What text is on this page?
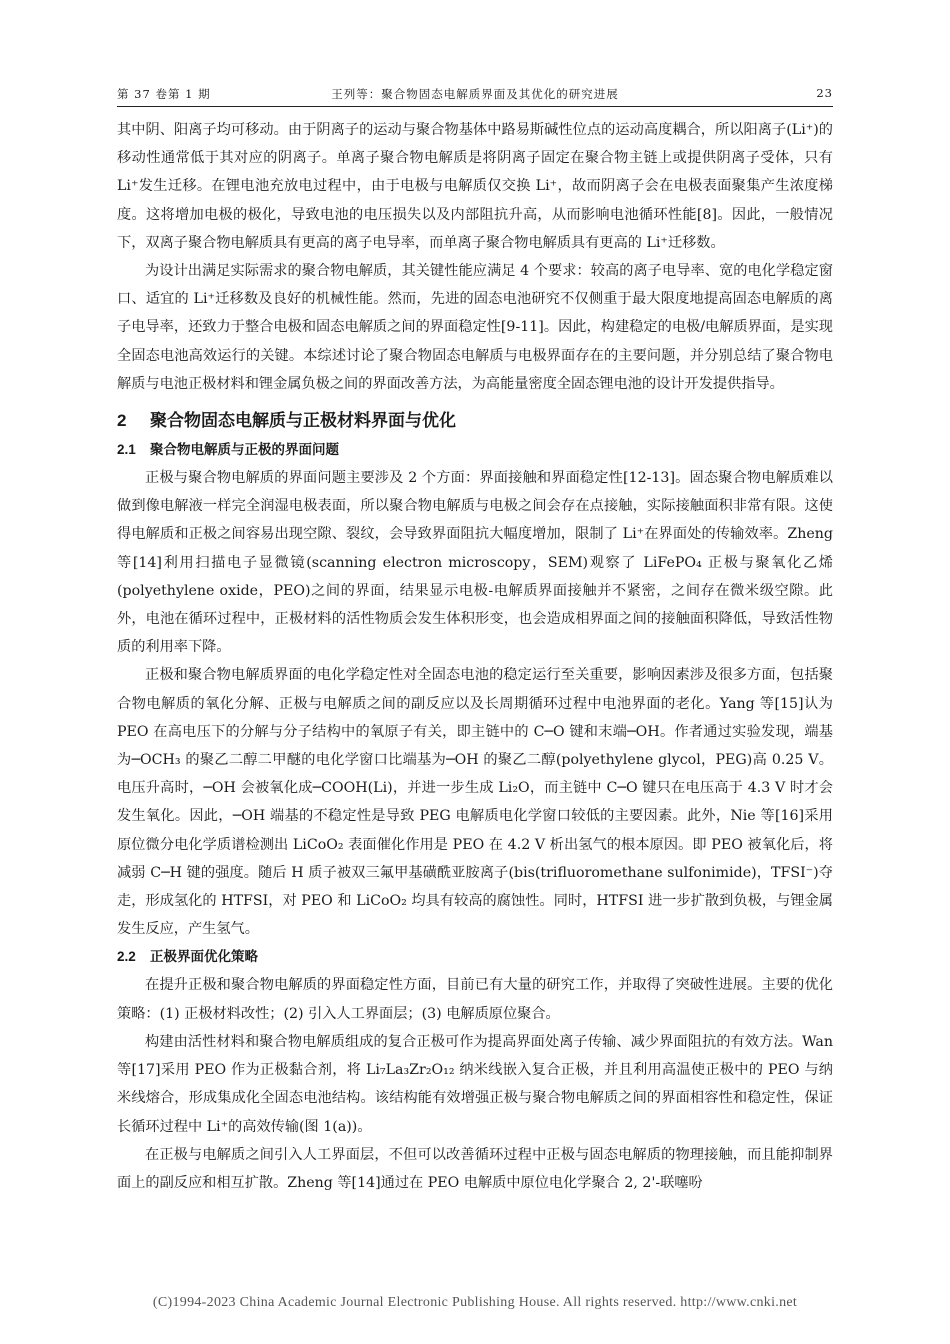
第 37 卷第 1 期	王列等：聚合物固态电解质界面及其优化的研究进展	23

其中阴、阳离子均可移动。由于阴离子的运动与聚合物基体中路易斯碱性位点的运动高度耦合，所以阳离子(Li⁺)的移动性通常低于其对应的阴离子。单离子聚合物电解质是将阴离子固定在聚合物主链上或提供阴离子受体，只有 Li⁺发生迁移。在锂电池充放电过程中，由于电极与电解质仅交换 Li⁺，故而阴离子会在电极表面聚集产生浓度梯度。这将增加电极的极化，导致电池的电压损失以及内部阻抗升高，从而影响电池循环性能[8]。因此，一般情况下，双离子聚合物电解质具有更高的离子电导率，而单离子聚合物电解质具有更高的 Li⁺迁移数。

为设计出满足实际需求的聚合物电解质，其关键性能应满足 4 个要求：较高的离子电导率、宽的电化学稳定窗口、适宜的 Li⁺迁移数及良好的机械性能。然而，先进的固态电池研究不仅侧重于最大限度地提高固态电解质的离子电导率，还致力于整合电极和固态电解质之间的界面稳定性[9-11]。因此，构建稳定的电极/电解质界面，是实现全固态电池高效运行的关键。本综述讨论了聚合物固态电解质与电极界面存在的主要问题，并分别总结了聚合物电解质与电池正极材料和锂金属负极之间的界面改善方法，为高能量密度全固态锂电池的设计开发提供指导。

2 聚合物固态电解质与正极材料界面与优化
2.1 聚合物电解质与正极的界面问题

正极与聚合物电解质的界面问题主要涉及 2 个方面：界面接触和界面稳定性[12-13]。固态聚合物电解质难以做到像电解液一样完全润湿电极表面，所以聚合物电解质与电极之间会存在点接触，实际接触面积非常有限。这使得电解质和正极之间容易出现空隙、裂纹，会导致界面阻抗大幅度增加，限制了 Li⁺在界面处的传输效率。Zheng 等[14]利用扫描电子显微镜(scanning electron microscopy，SEM)观察了 LiFePO₄ 正极与聚氧化乙烯(polyethylene oxide，PEO)之间的界面，结果显示电极-电解质界面接触并不紧密，之间存在微米级空隙。此外，电池在循环过程中，正极材料的活性物质会发生体积形变，也会造成相界面之间的接触面积降低，导致活性物质的利用率下降。

正极和聚合物电解质界面的电化学稳定性对全固态电池的稳定运行至关重要，影响因素涉及很多方面，包括聚合物电解质的氧化分解、正极与电解质之间的副反应以及长周期循环过程中电池界面的老化。Yang 等[15]认为 PEO 在高电压下的分解与分子结构中的氧原子有关，即主链中的 C─O 键和末端─OH。作者通过实验发现，端基为─OCH₃ 的聚乙二醇二甲醚的电化学窗口比端基为─OH 的聚乙二醇(polyethylene glycol，PEG)高 0.25 V。电压升高时，─OH 会被氧化成─COOH(Li)，并进一步生成 Li₂O，而主链中 C─O 键只在电压高于 4.3 V 时才会发生氧化。因此，─OH 端基的不稳定性是导致 PEG 电解质电化学窗口较低的主要因素。此外，Nie 等[16]采用原位微分电化学质谱检测出 LiCoO₂ 表面催化作用是 PEO 在 4.2 V 析出氢气的根本原因。即 PEO 被氧化后，将减弱 C─H 键的强度。随后 H 质子被双三氟甲基磺酰亚胺离子(bis(trifluoromethane sulfonimide)，TFSI⁻)夺走，形成氢化的 HTFSI，对 PEO 和 LiCoO₂ 均具有较高的腐蚀性。同时，HTFSI 进一步扩散到负极，与锂金属发生反应，产生氢气。

2.2 正极界面优化策略

在提升正极和聚合物电解质的界面稳定性方面，目前已有大量的研究工作，并取得了突破性进展。主要的优化策略：(1) 正极材料改性；(2) 引入人工界面层；(3) 电解质原位聚合。

构建由活性材料和聚合物电解质组成的复合正极可作为提高界面处离子传输、减少界面阻抗的有效方法。Wan 等[17]采用 PEO 作为正极黏合剂，将 Li₇La₃Zr₂O₁₂ 纳米线嵌入复合正极，并且利用高温使正极中的 PEO 与纳米线熔合，形成集成化全固态电池结构。该结构能有效增强正极与聚合物电解质之间的界面相容性和稳定性，保证长循环过程中 Li⁺的高效传输(图 1(a))。

在正极与电解质之间引入人工界面层，不但可以改善循环过程中正极与固态电解质的物理接触，而且能抑制界面上的副反应和相互扩散。Zheng 等[14]通过在 PEO 电解质中原位电化学聚合 2, 2'-联噻吩

(C)1994-2023 China Academic Journal Electronic Publishing House. All rights reserved. http://www.cnki.net
